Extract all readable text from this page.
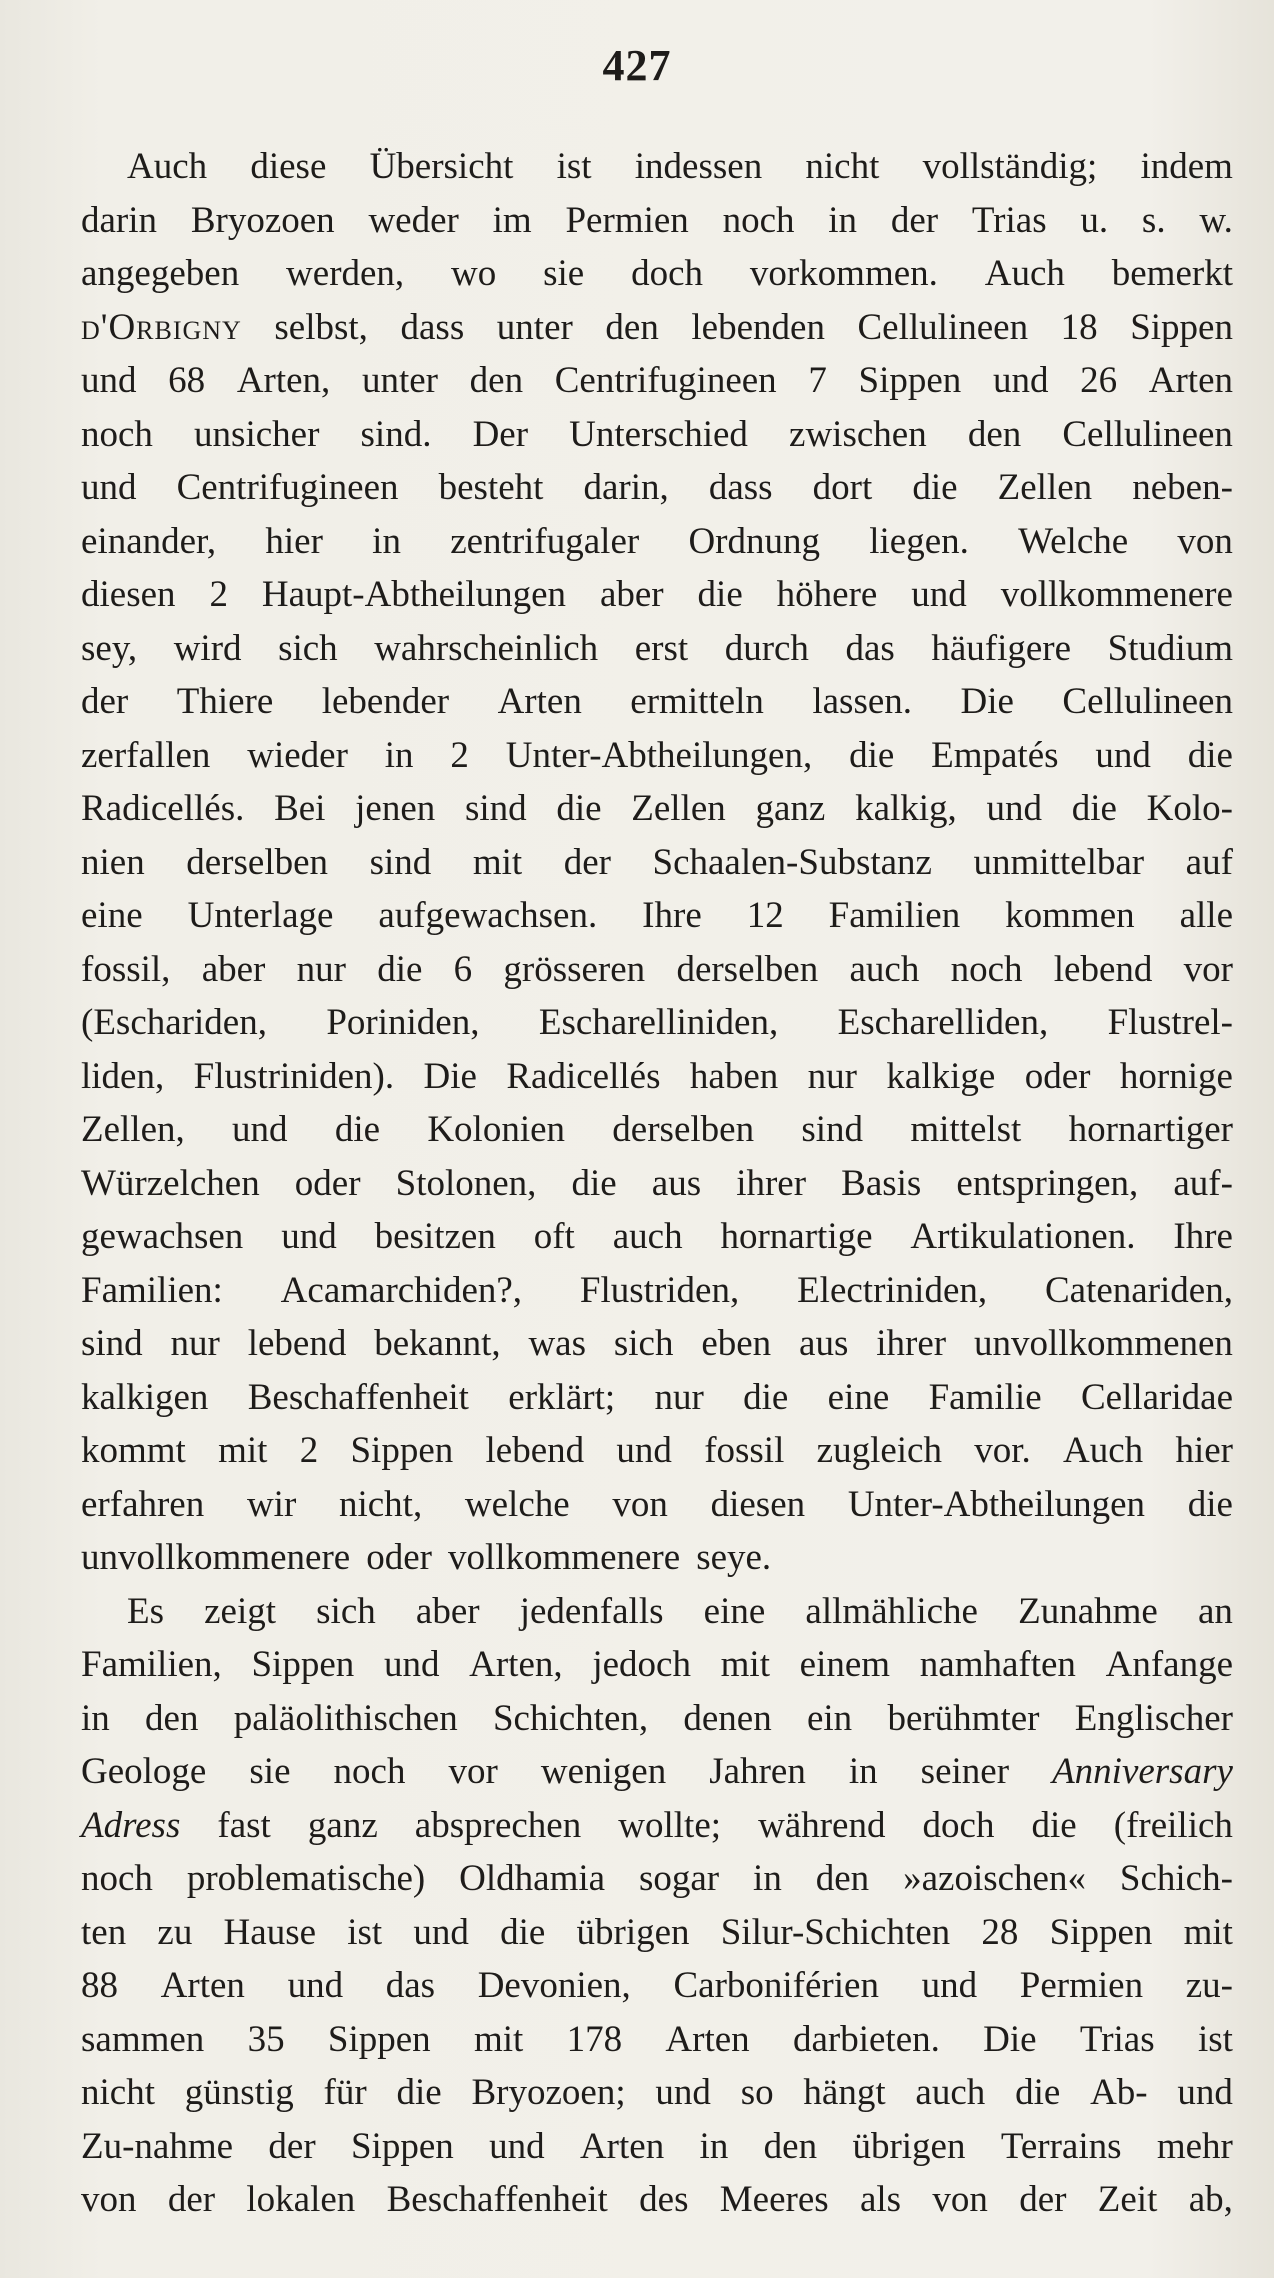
427
Auch diese Übersicht ist indessen nicht vollständig; indem
darin Bryozoen weder im Permien noch in der Trias u. s. w.
angegeben werden, wo sie doch vorkommen. Auch bemerkt
d'Orbigny selbst, dass unter den lebenden Cellulineen 18 Sippen
und 68 Arten, unter den Centrifugineen 7 Sippen und 26 Arten
noch unsicher sind. Der Unterschied zwischen den Cellulineen
und Centrifugineen besteht darin, dass dort die Zellen neben-
einander, hier in zentrifugaler Ordnung liegen. Welche von
diesen 2 Haupt-Abtheilungen aber die höhere und vollkommenere
sey, wird sich wahrscheinlich erst durch das häufigere Studium
der Thiere lebender Arten ermitteln lassen. Die Cellulineen
zerfallen wieder in 2 Unter-Abtheilungen, die Empatés und die
Radicellés. Bei jenen sind die Zellen ganz kalkig, und die Kolo-
nien derselben sind mit der Schaalen-Substanz unmittelbar auf
eine Unterlage aufgewachsen. Ihre 12 Familien kommen alle
fossil, aber nur die 6 grösseren derselben auch noch lebend vor
(Eschariden, Poriniden, Escharelliniden, Escharelliden, Flustrel-
liden, Flustriniden). Die Radicellés haben nur kalkige oder hornige
Zellen, und die Kolonien derselben sind mittelst hornartiger
Würzelchen oder Stolonen, die aus ihrer Basis entspringen, auf-
gewachsen und besitzen oft auch hornartige Artikulationen. Ihre
Familien: Acamarchiden?, Flustriden, Electriniden, Catenariden,
sind nur lebend bekannt, was sich eben aus ihrer unvollkommenen
kalkigen Beschaffenheit erklärt; nur die eine Familie Cellaridae
kommt mit 2 Sippen lebend und fossil zugleich vor. Auch hier
erfahren wir nicht, welche von diesen Unter-Abtheilungen die
unvollkommenere oder vollkommenere seye.
Es zeigt sich aber jedenfalls eine allmähliche Zunahme an
Familien, Sippen und Arten, jedoch mit einem namhaften Anfange
in den paläolithischen Schichten, denen ein berühmter Englischer
Geologe sie noch vor wenigen Jahren in seiner Anniversary
Adress fast ganz absprechen wollte; während doch die (freilich
noch problematische) Oldhamia sogar in den »azoischen« Schich-
ten zu Hause ist und die übrigen Silur-Schichten 28 Sippen mit
88 Arten und das Devonien, Carboniférien und Permien zu-
sammen 35 Sippen mit 178 Arten darbieten. Die Trias ist
nicht günstig für die Bryozoen; und so hängt auch die Ab- und
Zu-nahme der Sippen und Arten in den übrigen Terrains mehr
von der lokalen Beschaffenheit des Meeres als von der Zeit ab,
